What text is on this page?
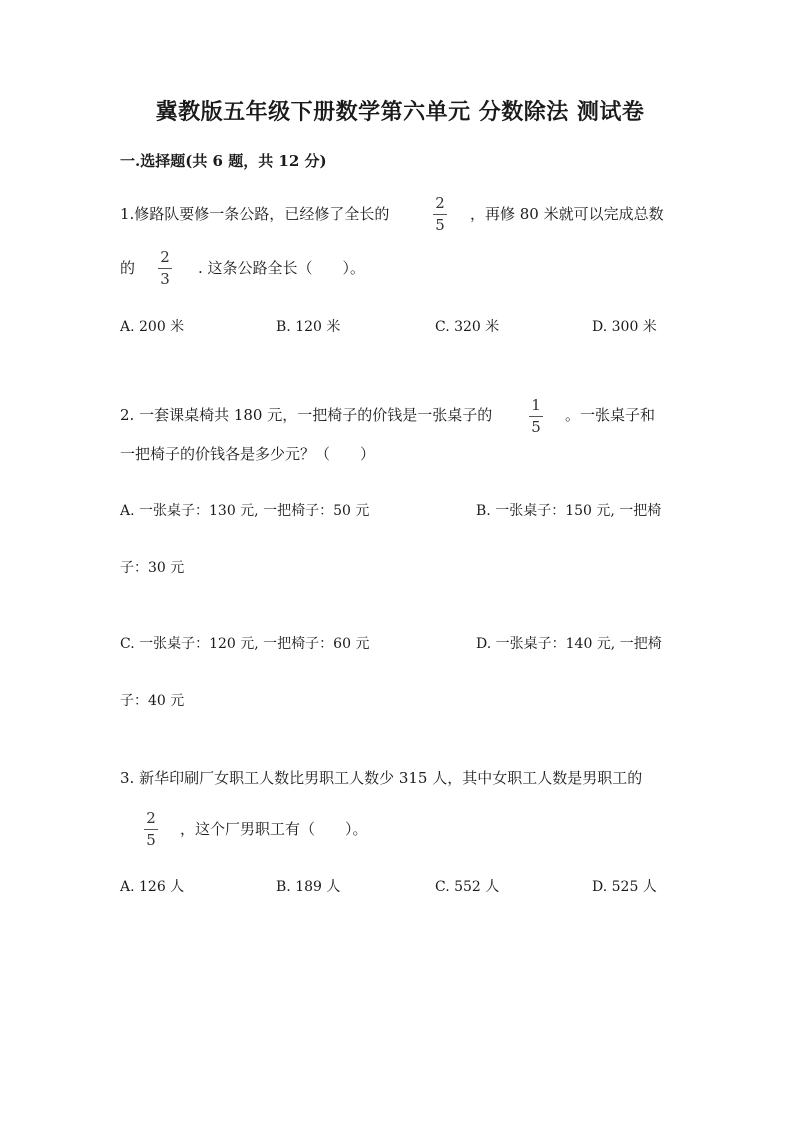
冀教版五年级下册数学第六单元 分数除法 测试卷
一.选择题(共 6 题，共 12 分)
1.修路队要修一条公路，已经修了全长的
2
5
，再修 80 米就可以完成总数
的
2
3
. 这条公路全长（　　）。
A. 200 米	B. 120 米	C. 320 米	D. 300 米
2. 一套课桌椅共 180 元，一把椅子的价钱是一张桌子的
1
5
。一张桌子和
一把椅子的价钱各是多少元？（　　）
A. 一张桌子：130 元, 一把椅子：50 元	B. 一张桌子：150 元, 一把椅
子：30 元
C. 一张桌子：120 元, 一把椅子：60 元	D. 一张桌子：140 元, 一把椅
子：40 元
3. 新华印刷厂女职工人数比男职工人数少 315 人，其中女职工人数是男职工的
2
5
，这个厂男职工有（　　）。
A. 126 人	B. 189 人	C. 552 人	D. 525 人
